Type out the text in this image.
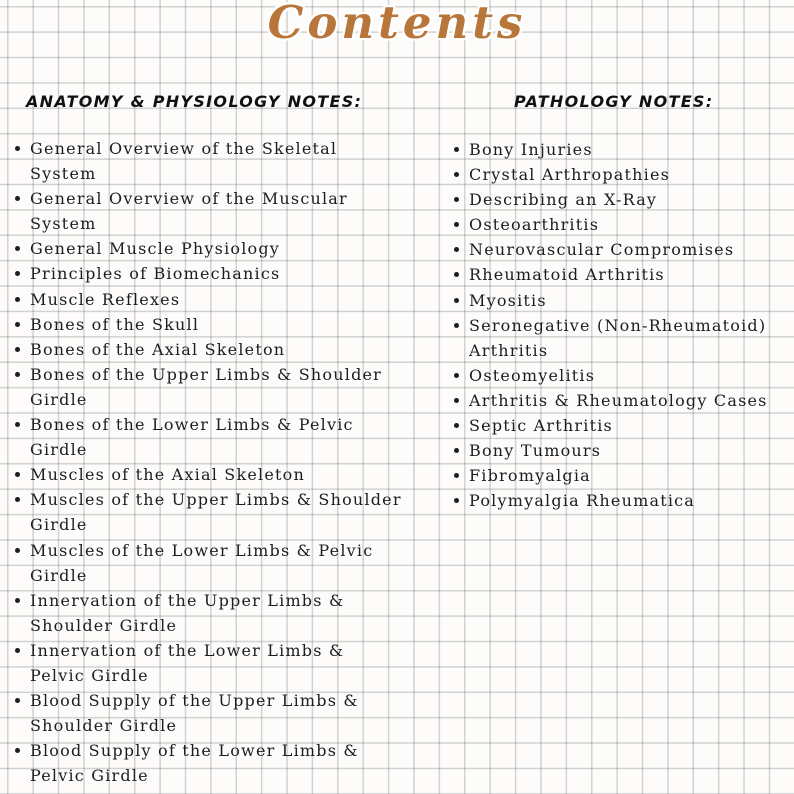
Contents
ANATOMY & PHYSIOLOGY NOTES:
General Overview of the Skeletal System
General Overview of the Muscular System
General Muscle Physiology
Principles of Biomechanics
Muscle Reflexes
Bones of the Skull
Bones of the Axial Skeleton
Bones of the Upper Limbs & Shoulder Girdle
Bones of the Lower Limbs & Pelvic Girdle
Muscles of the Axial Skeleton
Muscles of the Upper Limbs & Shoulder Girdle
Muscles of the Lower Limbs & Pelvic Girdle
Innervation of the Upper Limbs & Shoulder Girdle
Innervation of the Lower Limbs & Pelvic Girdle
Blood Supply of the Upper Limbs & Shoulder Girdle
Blood Supply of the Lower Limbs & Pelvic Girdle
PATHOLOGY NOTES:
Bony Injuries
Crystal Arthropathies
Describing an X-Ray
Osteoarthritis
Neurovascular Compromises
Rheumatoid Arthritis
Myositis
Seronegative (Non-Rheumatoid) Arthritis
Osteomyelitis
Arthritis & Rheumatology Cases
Septic Arthritis
Bony Tumours
Fibromyalgia
Polymyalgia Rheumatica
